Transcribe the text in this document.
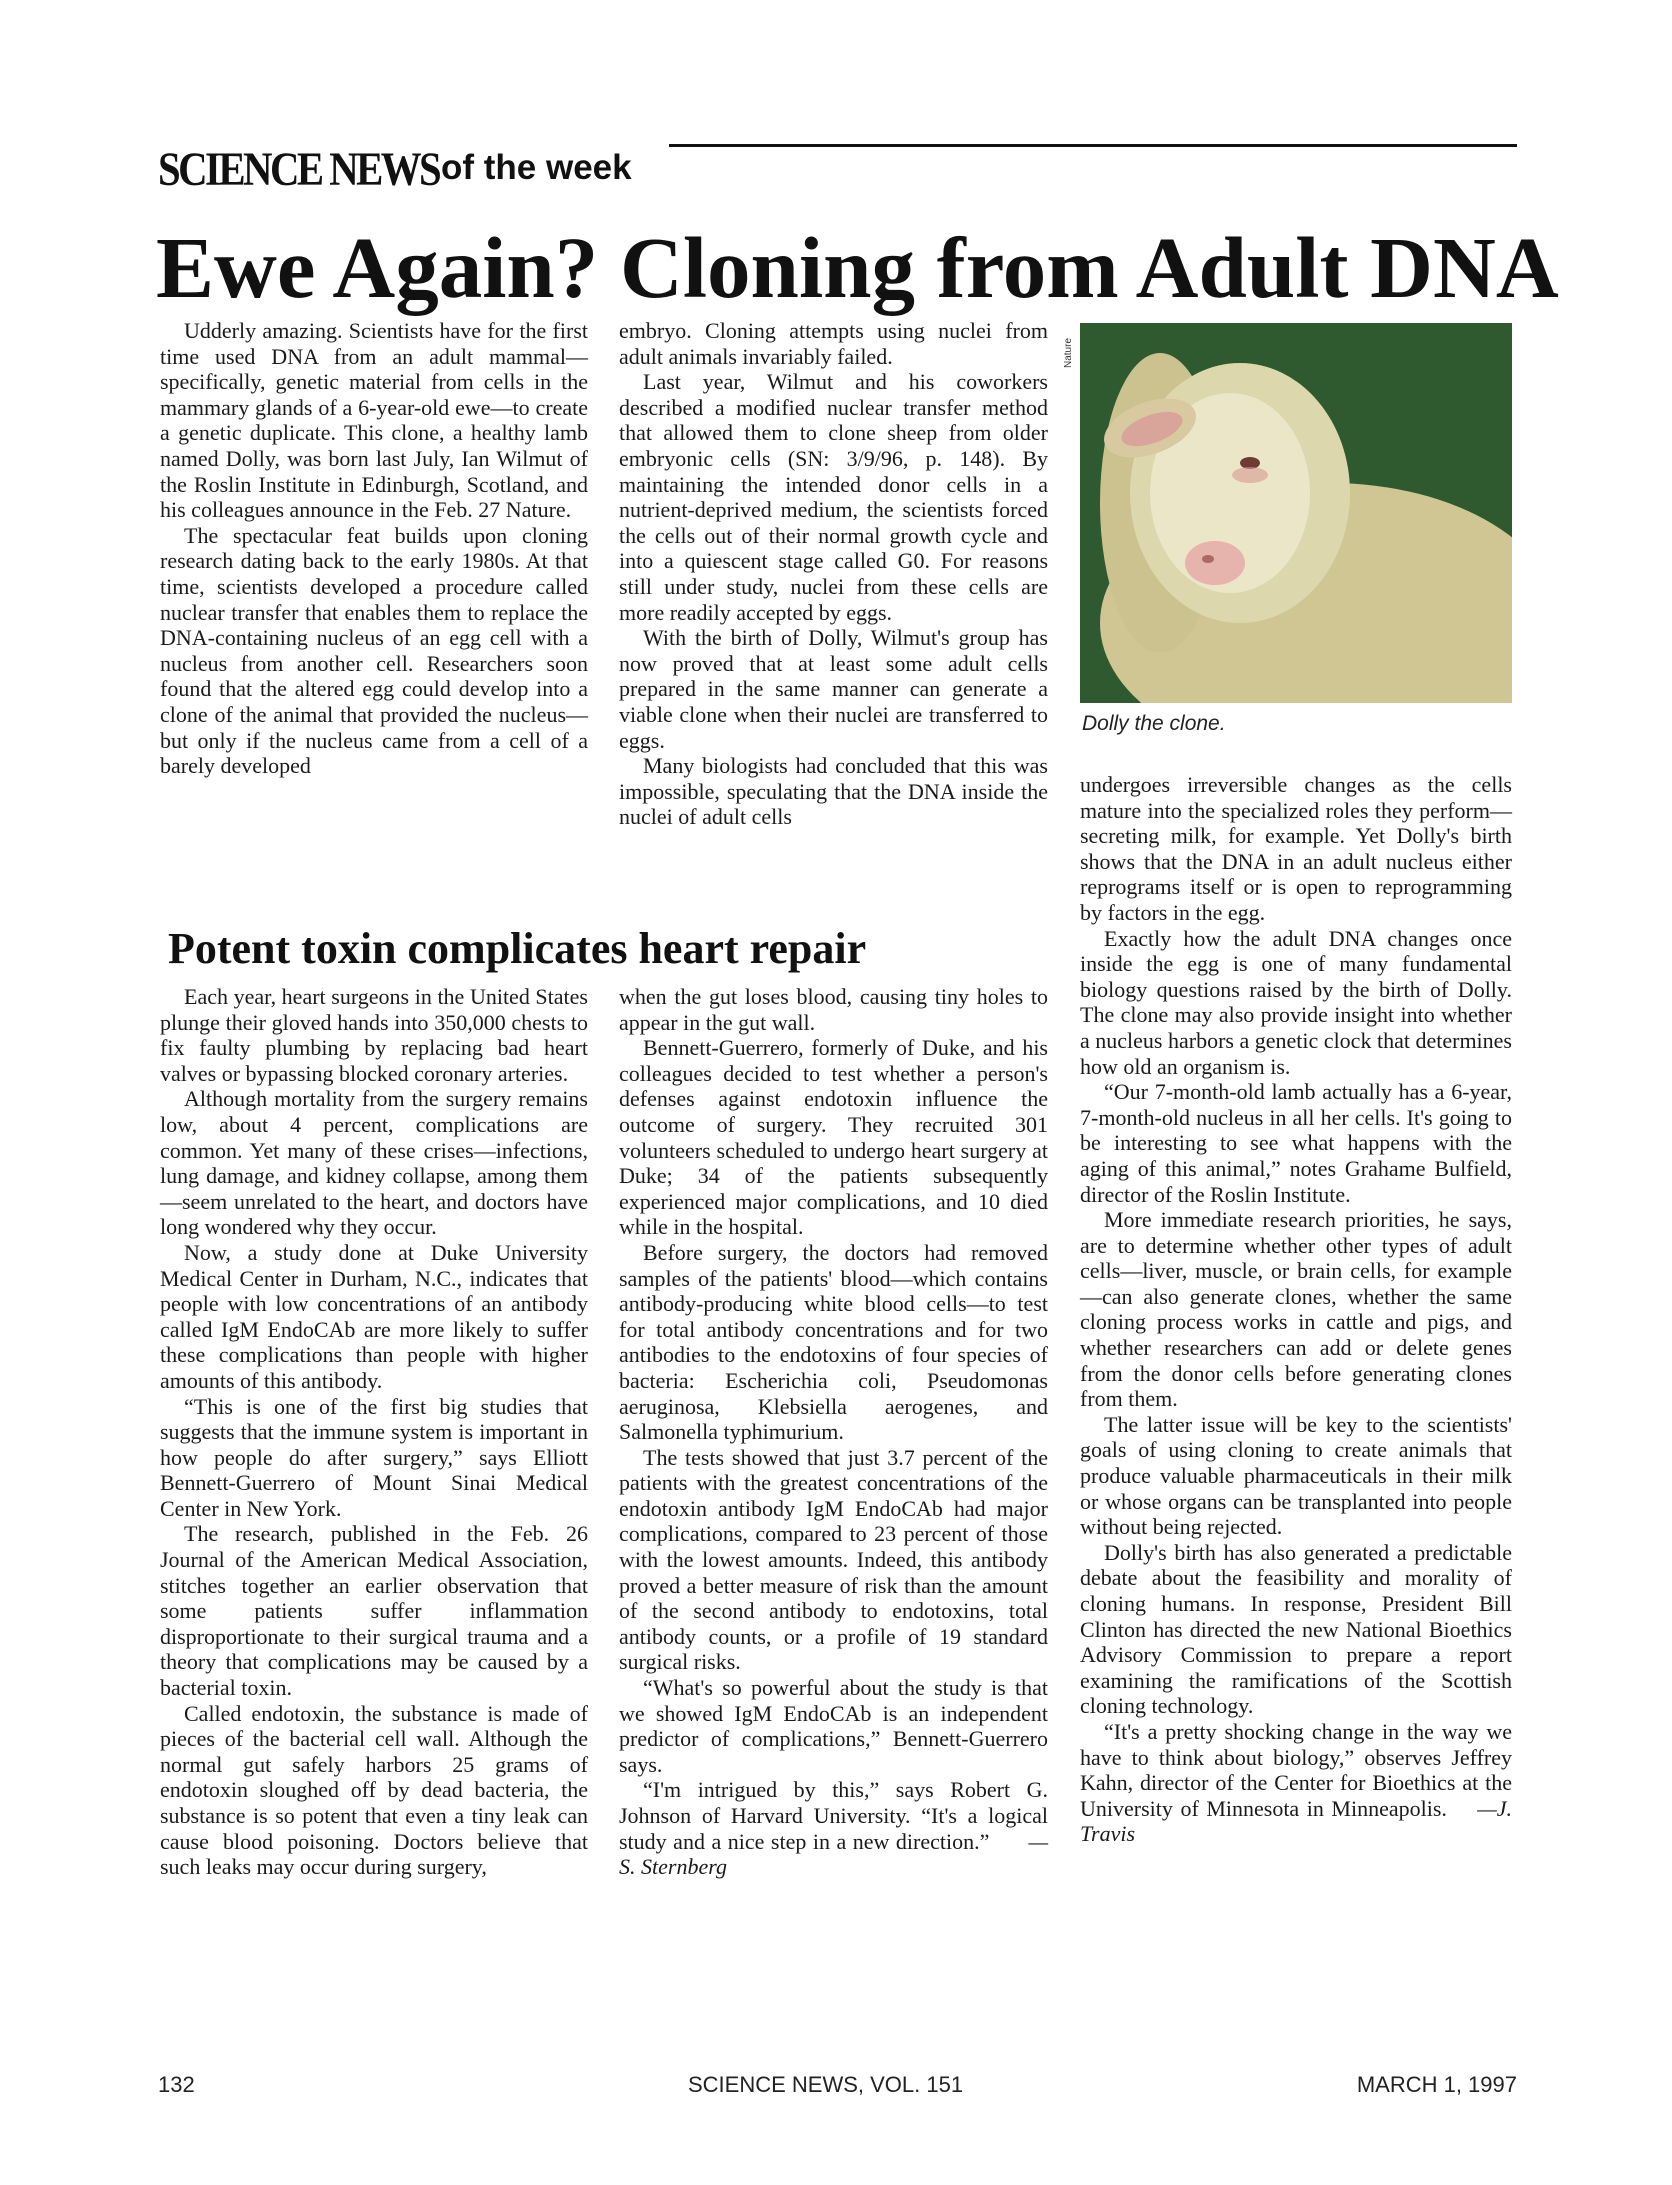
SCIENCE NEWS of the week
Ewe Again? Cloning from Adult DNA

Udderly amazing. Scientists have for the first time used DNA from an adult mammal—specifically, genetic material from cells in the mammary glands of a 6-year-old ewe—to create a genetic duplicate. This clone, a healthy lamb named Dolly, was born last July, Ian Wilmut of the Roslin Institute in Edinburgh, Scotland, and his colleagues announce in the Feb. 27 Nature.

The spectacular feat builds upon cloning research dating back to the early 1980s. At that time, scientists developed a procedure called nuclear transfer that enables them to replace the DNA-containing nucleus of an egg cell with a nucleus from another cell. Researchers soon found that the altered egg could develop into a clone of the animal that provided the nucleus—but only if the nucleus came from a cell of a barely developed

embryo. Cloning attempts using nuclei from adult animals invariably failed.

Last year, Wilmut and his coworkers described a modified nuclear transfer method that allowed them to clone sheep from older embryonic cells (SN: 3/9/96, p. 148). By maintaining the intended donor cells in a nutrient-deprived medium, the scientists forced the cells out of their normal growth cycle and into a quiescent stage called G0. For reasons still under study, nuclei from these cells are more readily accepted by eggs.

With the birth of Dolly, Wilmut's group has now proved that at least some adult cells prepared in the same manner can generate a viable clone when their nuclei are transferred to eggs.

Many biologists had concluded that this was impossible, speculating that the DNA inside the nuclei of adult cells

Nature
Dolly the clone.

undergoes irreversible changes as the cells mature into the specialized roles they perform—secreting milk, for example. Yet Dolly's birth shows that the DNA in an adult nucleus either reprograms itself or is open to reprogramming by factors in the egg.

Exactly how the adult DNA changes once inside the egg is one of many fundamental biology questions raised by the birth of Dolly. The clone may also provide insight into whether a nucleus harbors a genetic clock that determines how old an organism is.

“Our 7-month-old lamb actually has a 6-year, 7-month-old nucleus in all her cells. It's going to be interesting to see what happens with the aging of this animal,” notes Grahame Bulfield, director of the Roslin Institute.

More immediate research priorities, he says, are to determine whether other types of adult cells—liver, muscle, or brain cells, for example—can also generate clones, whether the same cloning process works in cattle and pigs, and whether researchers can add or delete genes from the donor cells before generating clones from them.

The latter issue will be key to the scientists' goals of using cloning to create animals that produce valuable pharmaceuticals in their milk or whose organs can be transplanted into people without being rejected.

Dolly's birth has also generated a predictable debate about the feasibility and morality of cloning humans. In response, President Bill Clinton has directed the new National Bioethics Advisory Commission to prepare a report examining the ramifications of the Scottish cloning technology.

“It's a pretty shocking change in the way we have to think about biology,” observes Jeffrey Kahn, director of the Center for Bioethics at the University of Minnesota in Minneapolis. —J. Travis

Potent toxin complicates heart repair

Each year, heart surgeons in the United States plunge their gloved hands into 350,000 chests to fix faulty plumbing by replacing bad heart valves or bypassing blocked coronary arteries.

Although mortality from the surgery remains low, about 4 percent, complications are common. Yet many of these crises—infections, lung damage, and kidney collapse, among them—seem unrelated to the heart, and doctors have long wondered why they occur.

Now, a study done at Duke University Medical Center in Durham, N.C., indicates that people with low concentrations of an antibody called IgM EndoCAb are more likely to suffer these complications than people with higher amounts of this antibody.

“This is one of the first big studies that suggests that the immune system is important in how people do after surgery,” says Elliott Bennett-Guerrero of Mount Sinai Medical Center in New York.

The research, published in the Feb. 26 Journal of the American Medical Association, stitches together an earlier observation that some patients suffer inflammation disproportionate to their surgical trauma and a theory that complications may be caused by a bacterial toxin.

Called endotoxin, the substance is made of pieces of the bacterial cell wall. Although the normal gut safely harbors 25 grams of endotoxin sloughed off by dead bacteria, the substance is so potent that even a tiny leak can cause blood poisoning. Doctors believe that such leaks may occur during surgery,

when the gut loses blood, causing tiny holes to appear in the gut wall.

Bennett-Guerrero, formerly of Duke, and his colleagues decided to test whether a person's defenses against endotoxin influence the outcome of surgery. They recruited 301 volunteers scheduled to undergo heart surgery at Duke; 34 of the patients subsequently experienced major complications, and 10 died while in the hospital.

Before surgery, the doctors had removed samples of the patients' blood—which contains antibody-producing white blood cells—to test for total antibody concentrations and for two antibodies to the endotoxins of four species of bacteria: Escherichia coli, Pseudomonas aeruginosa, Klebsiella aerogenes, and Salmonella typhimurium.

The tests showed that just 3.7 percent of the patients with the greatest concentrations of the endotoxin antibody IgM EndoCAb had major complications, compared to 23 percent of those with the lowest amounts. Indeed, this antibody proved a better measure of risk than the amount of the second antibody to endotoxins, total antibody counts, or a profile of 19 standard surgical risks.

“What's so powerful about the study is that we showed IgM EndoCAb is an independent predictor of complications,” Bennett-Guerrero says.

“I'm intrigued by this,” says Robert G. Johnson of Harvard University. “It's a logical study and a nice step in a new direction.” —S. Sternberg

132	SCIENCE NEWS, VOL. 151	MARCH 1, 1997
